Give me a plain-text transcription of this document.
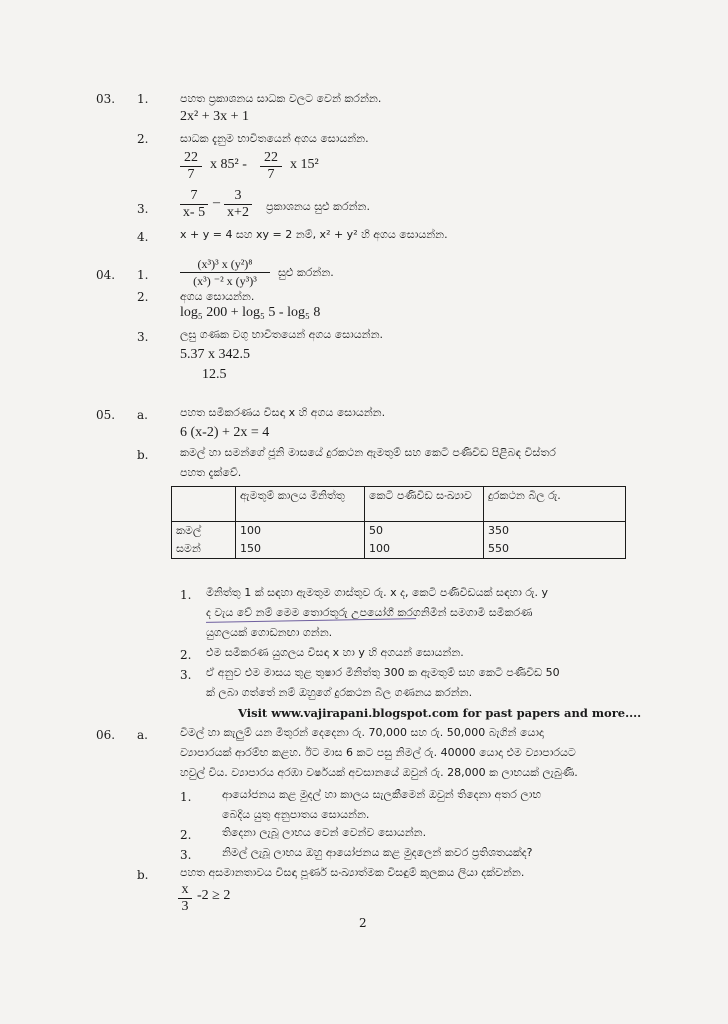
03. 1.	පහත ප්‍රකාශනය සාධක වලට වෙන් කරන්න.
2x² + 3x + 1
2.	සාධක දැනුම භාවිතයෙන් අගය සොයන්න.
$\frac{22}{7}$ x $85^2 - \frac{22}{7}$ x 15²
3. $\frac{7}{x- 5} - \frac{3}{x+2}$ ප්‍රකාශනය සුළු කරන්න.
4.	x + y = 4 සහ xy = 2 නම්, x² + y² හි අගය සොයන්න.
04. 1.	$\frac{\text{(x³)³ x (y²)⁸}}{\text{(x³) ⁻² x (y³)³}}$ සුළු කරන්න.
2.	අගය සොයන්න.
log₅ 200 + log₅ 5 - log₅ 8
3.	ලඝු ගණක වගු භාවිතයෙන් අගය සොයන්න.
5.37 x 342.5
12.5
05. a.	පහත සමීකරණය විසඳා x හි අගය සොයන්න.
6 (x-2) + 2x = 4
b.	කමල් හා සමන්ගේ ජූනි මාසයේ දුරකථන ඇමතුම් සහ කෙටි පණිවිඩ පිළිබඳ විස්තර
පහත දැක්වේ.
	ඇමතුම් කාලය මිනිත්තු	කෙටි පණිවිඩ සංඛ්‍යාව	දුරකථන බිල රු.
කමල්	100	50	350
සමන්	150	100	550
1. මිනිත්තු 1 ක් සඳහා ඇමතුම ගාස්තුව රු. x ද, කෙටි පණිවිඩයක් සඳහා රු. y
ද වැය වේ නම් මෙම තොරතුරු උපයෝගී කරගනිමින් සමගාමී සමීකරණ
යුගලයක් ගොඩනඟා ගන්න.
2. එම සමීකරණ යුගලය විසඳා x හා y හි අගයන් සොයන්න.
3. ඒ අනුව එම මාසය තුළ තුෂාර මිනිත්තු 300 ක ඇමතුම් සහ කෙටි පණිවිඩ 50
ක් ලබා ගත්තේ නම් ඔහුගේ දුරකථන බිල ගණනය කරන්න.
Visit www.vajirapani.blogspot.com for past papers and more....
06. a.	විමල් හා කැලුම් යන මිතුරන් දෙදෙනා රු. 70,000 සහ රු. 50,000 බැගින් යොදා
ව්‍යාපාරයක් ආරම්භ කළහ. ඊට මාස 6 කට පසු නිමල් රු. 40000 යොදා එම ව්‍යාපාරයට
හවුල් විය. ව්‍යාපාරය අරඹා වර්ෂයක් අවසානයේ ඔවුන් රු. 28,000 ක ලාභයක් ලැබුණි.
1.	ආයෝජනය කළ මුදල් හා කාලය සැලකීමෙන් ඔවුන් තිදෙනා අතර ලාභ
බෙදිය යුතු අනුපාතය සොයන්න.
2.	තිදෙනා ලැබූ ලාභය වෙන් වෙන්ව සොයන්න.
3.	නිමල් ලැබූ ලාභය ඔහු ආයෝජනය කළ මුදලෙන් කවර ප්‍රතිශතයක්ද?
b.	පහත අසමානතාවය විසඳා පූර්ණ සංඛ්‍යාත්මක විසඳුම් කුලකය ලියා දක්වන්න.
$\frac{x}{3} -2 \ge 2$
2
